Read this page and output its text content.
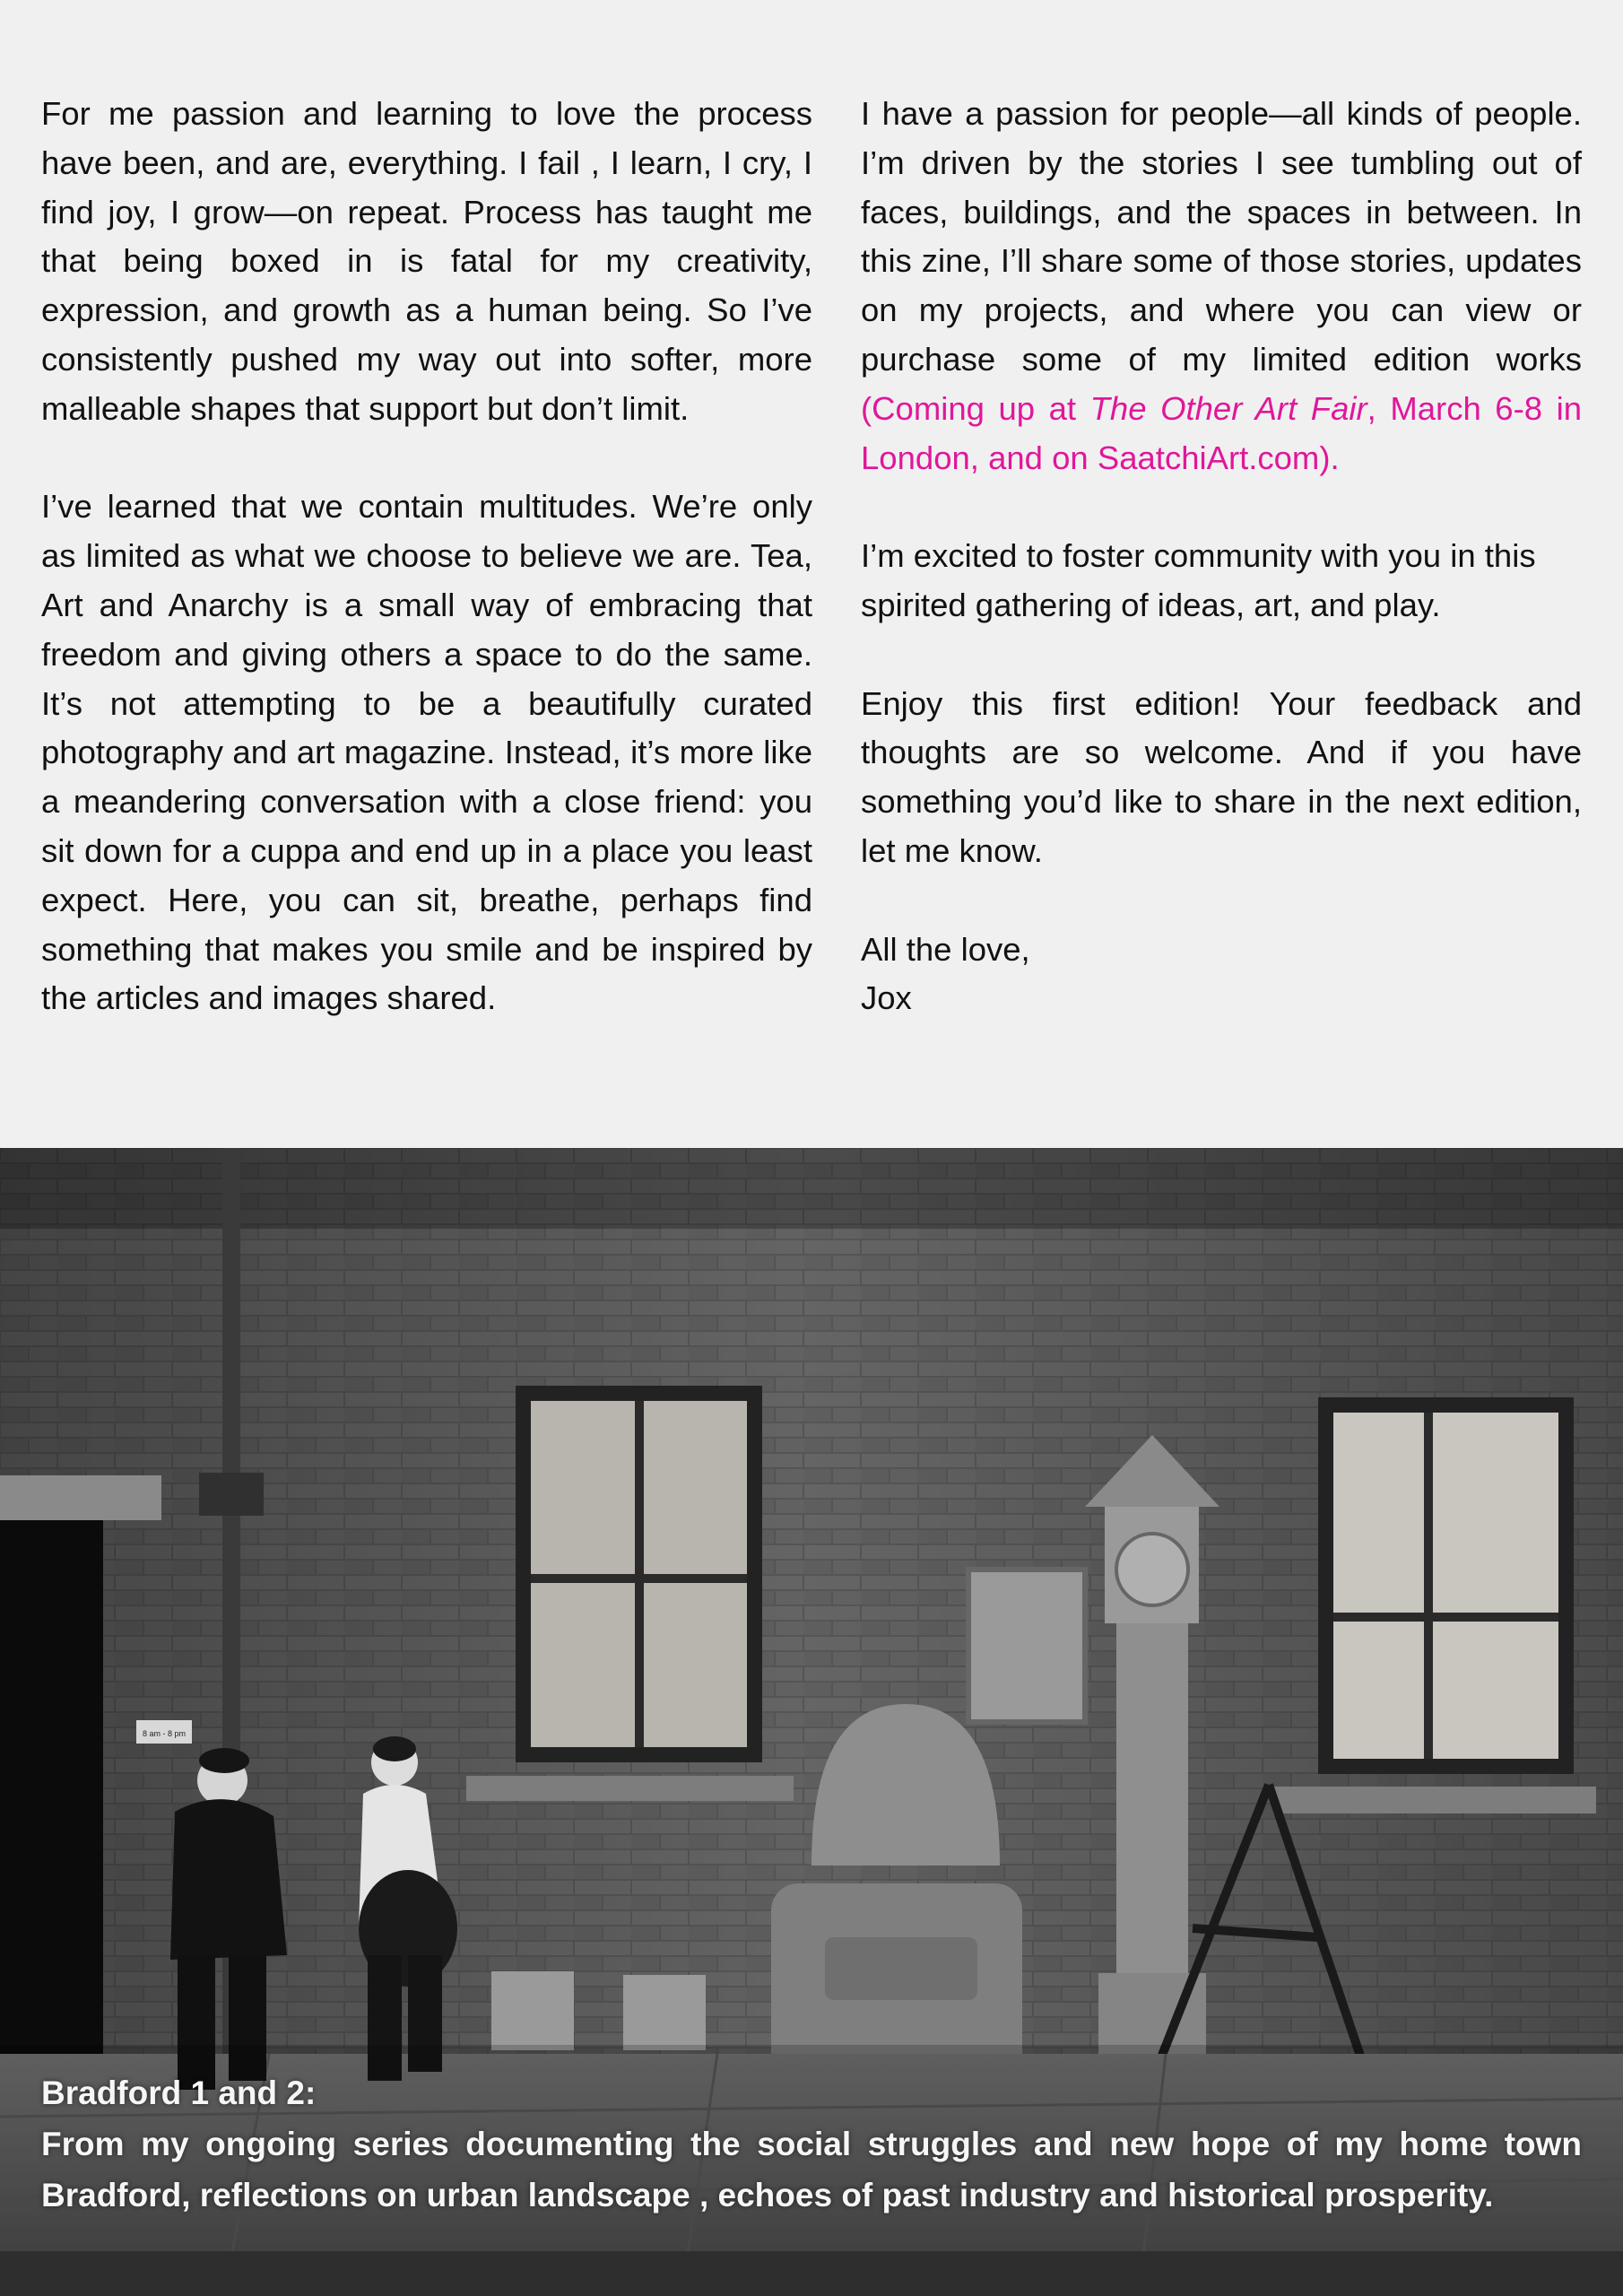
For me passion and learning to love the process have been, and are, everything. I fail , I learn, I cry, I find joy, I grow—on repeat. Process has taught me that being boxed in is fatal for my creativity, expression, and growth as a human being. So I’ve consistently pushed my way out into softer, more malleable shapes that support but don’t limit.

I’ve learned that we contain multitudes. We’re only as limited as what we choose to believe we are. Tea, Art and Anarchy is a small way of embracing that freedom and giving others a space to do the same. It’s not attempting to be a beautifully curated photography and art magazine. Instead, it’s more like a meandering conversation with a close friend: you sit down for a cuppa and end up in a place you least expect. Here, you can sit, breathe, perhaps find something that makes you smile and be inspired by the articles and images shared.

I have a passion for people—all kinds of people. I’m driven by the stories I see tumbling out of faces, buildings, and the spaces in between. In this zine, I’ll share some of those stories, updates on my projects, and where you can view or purchase some of my limited edition works (Coming up at The Other Art Fair, March 6-8 in London, and on SaatchiArt.com).

I’m excited to foster community with you in this spirited gathering of ideas, art, and play.

Enjoy this first edition! Your feedback and thoughts are so welcome. And if you have something you’d like to share in the next edition, let me know.

All the love,
Jox

8 am - 8 pm
Bradford 1 and 2:
From my ongoing series documenting the social struggles and new hope of my home town Bradford, reflections on urban landscape , echoes of past industry and historical prosperity.
